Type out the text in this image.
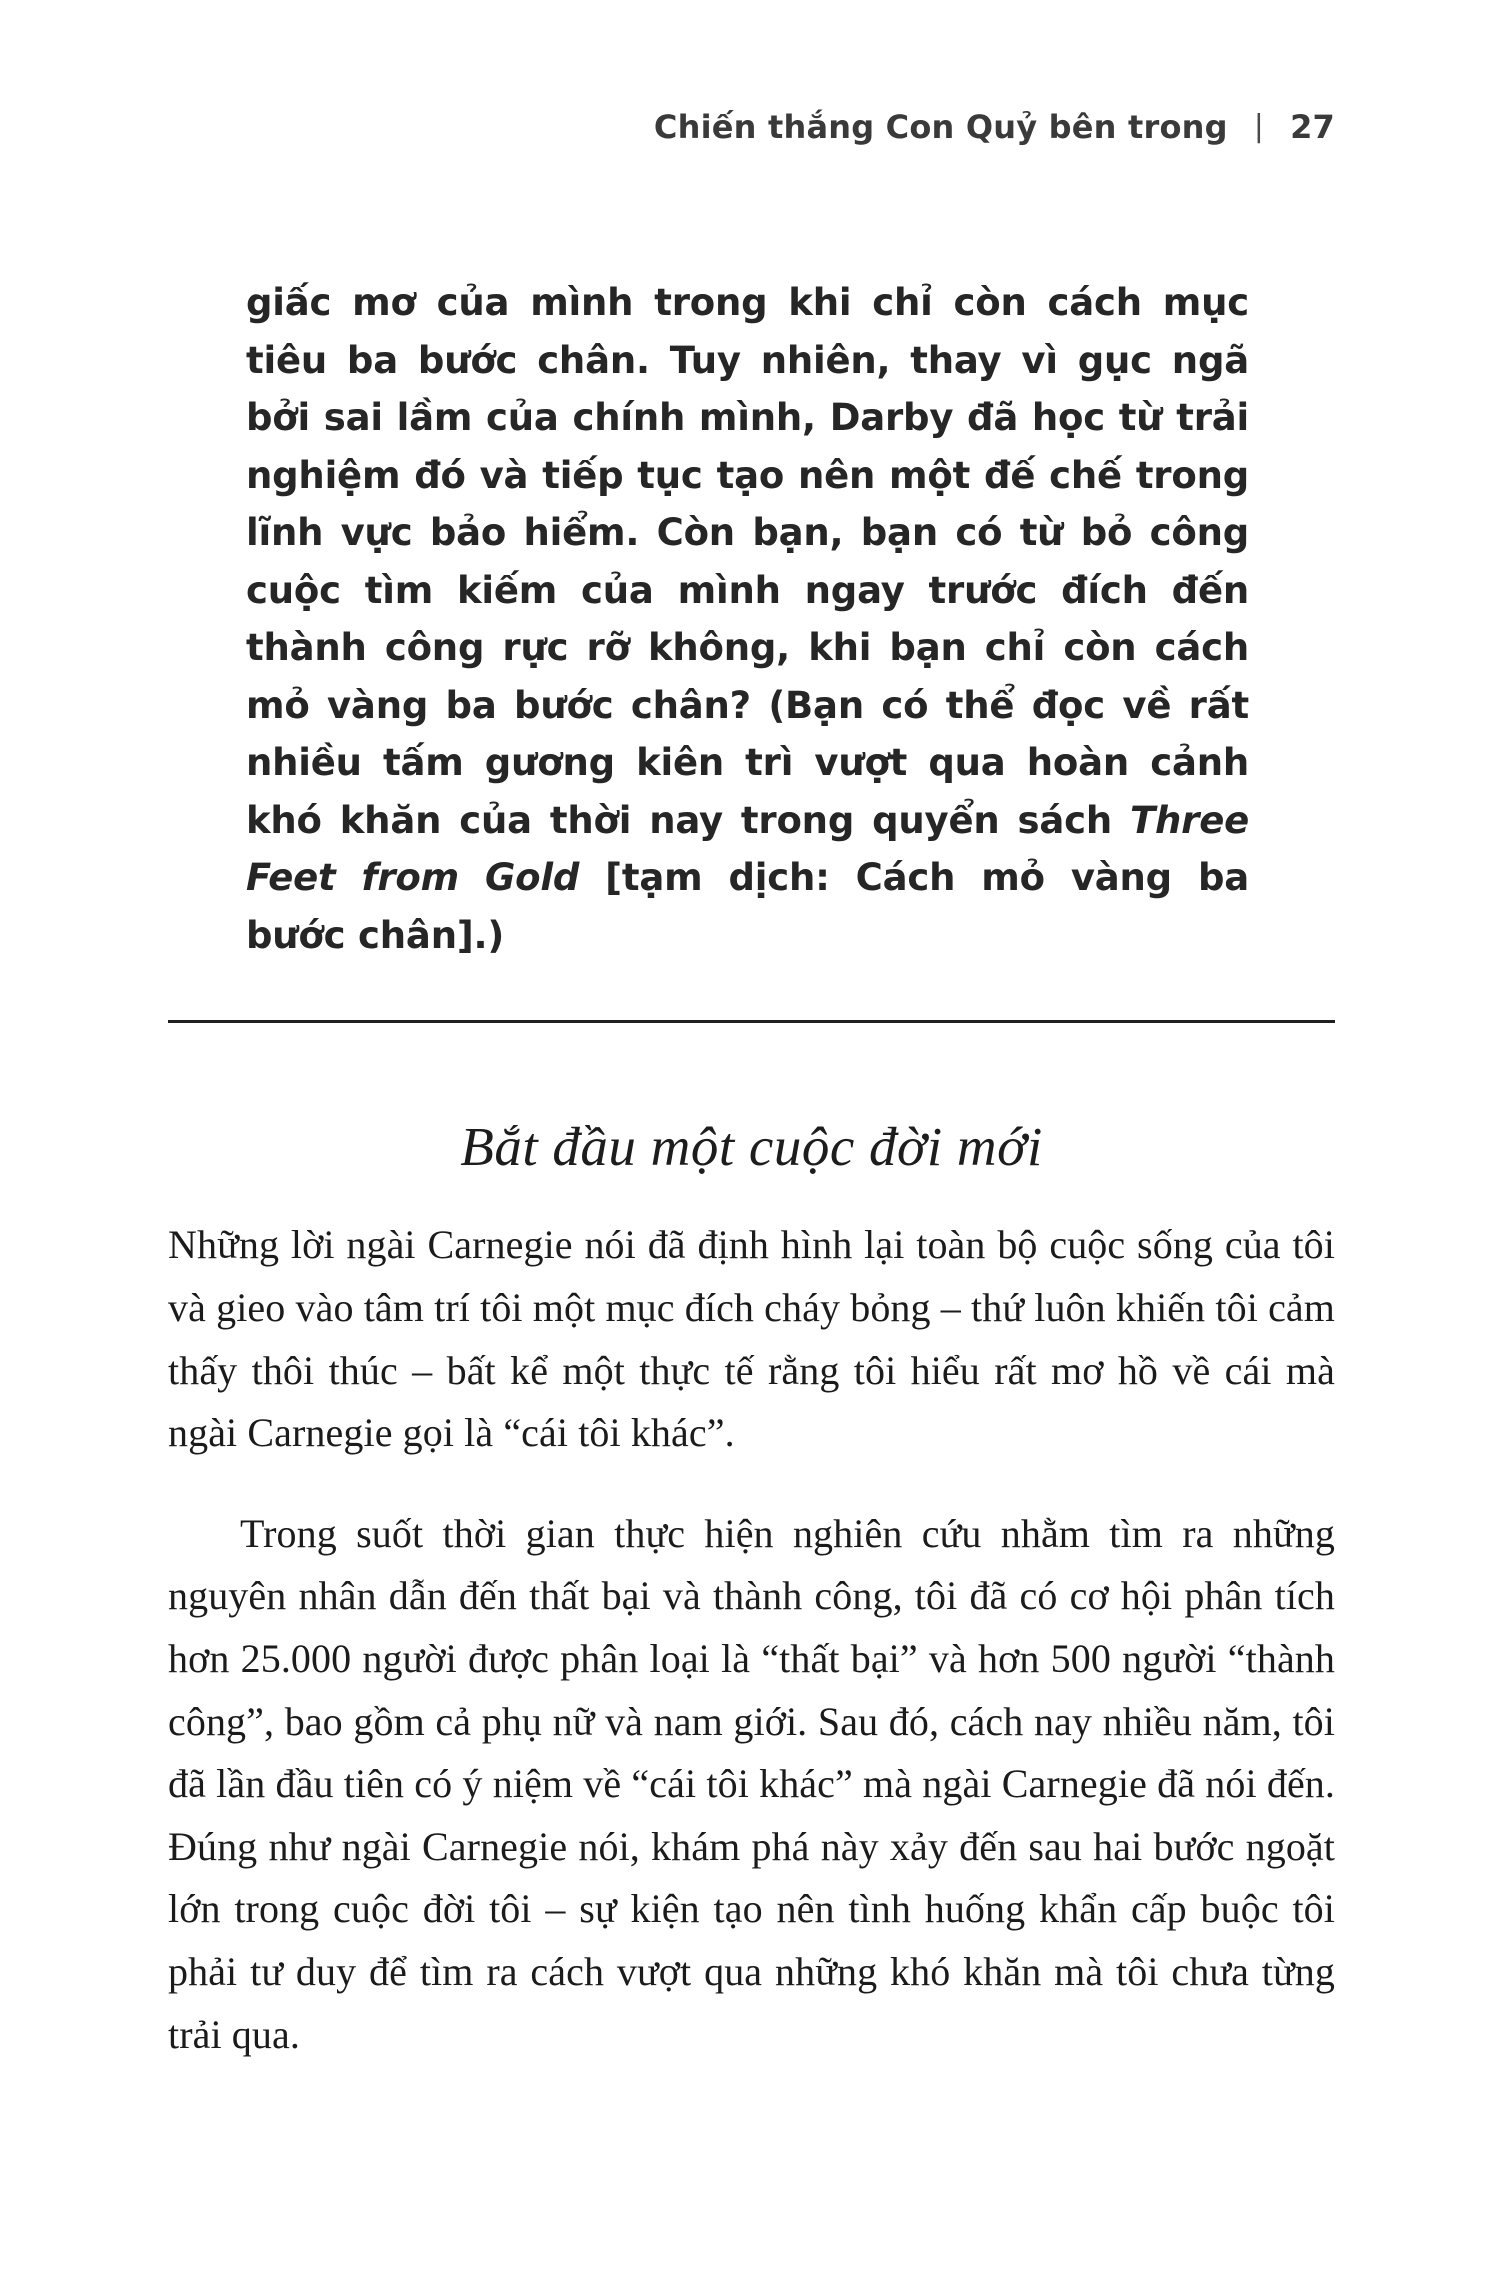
Chiến thắng Con Quỷ bên trong | 27
giấc mơ của mình trong khi chỉ còn cách mục tiêu ba bước chân. Tuy nhiên, thay vì gục ngã bởi sai lầm của chính mình, Darby đã học từ trải nghiệm đó và tiếp tục tạo nên một đế chế trong lĩnh vực bảo hiểm. Còn bạn, bạn có từ bỏ công cuộc tìm kiếm của mình ngay trước đích đến thành công rực rỡ không, khi bạn chỉ còn cách mỏ vàng ba bước chân? (Bạn có thể đọc về rất nhiều tấm gương kiên trì vượt qua hoàn cảnh khó khăn của thời nay trong quyển sách Three Feet from Gold [tạm dịch: Cách mỏ vàng ba bước chân].)
Bắt đầu một cuộc đời mới

Những lời ngài Carnegie nói đã định hình lại toàn bộ cuộc sống của tôi và gieo vào tâm trí tôi một mục đích cháy bỏng – thứ luôn khiến tôi cảm thấy thôi thúc – bất kể một thực tế rằng tôi hiểu rất mơ hồ về cái mà ngài Carnegie gọi là “cái tôi khác”.

Trong suốt thời gian thực hiện nghiên cứu nhằm tìm ra những nguyên nhân dẫn đến thất bại và thành công, tôi đã có cơ hội phân tích hơn 25.000 người được phân loại là “thất bại” và hơn 500 người “thành công”, bao gồm cả phụ nữ và nam giới. Sau đó, cách nay nhiều năm, tôi đã lần đầu tiên có ý niệm về “cái tôi khác” mà ngài Carnegie đã nói đến. Đúng như ngài Carnegie nói, khám phá này xảy đến sau hai bước ngoặt lớn trong cuộc đời tôi – sự kiện tạo nên tình huống khẩn cấp buộc tôi phải tư duy để tìm ra cách vượt qua những khó khăn mà tôi chưa từng trải qua.
